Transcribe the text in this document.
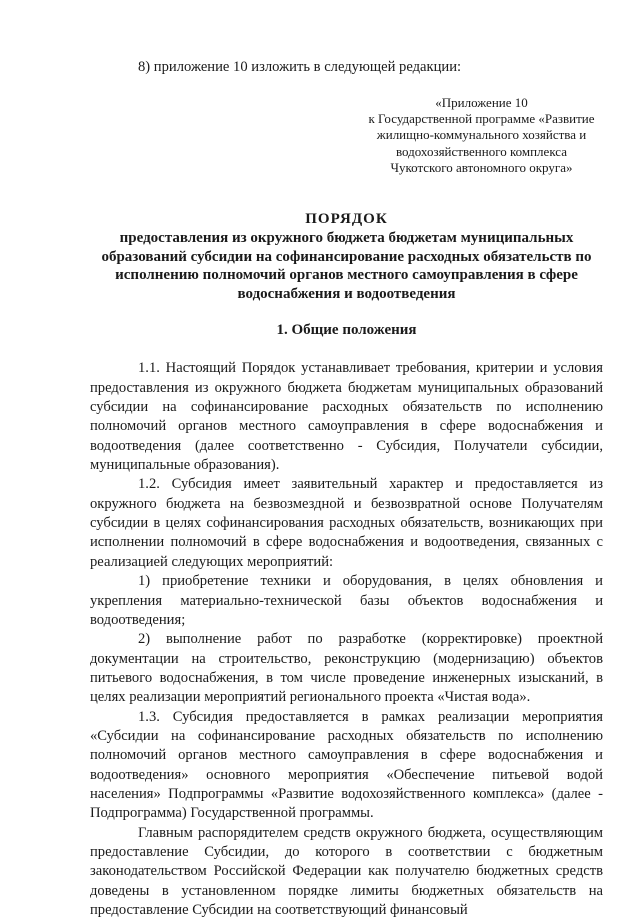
8) приложение 10 изложить в следующей редакции:

«Приложение 10
к Государственной программе «Развитие
жилищно-коммунального хозяйства и
водохозяйственного комплекса
Чукотского автономного округа»
ПОРЯДОК
предоставления из окружного бюджета бюджетам муниципальных
образований субсидии на софинансирование расходных обязательств по
исполнению полномочий органов местного самоуправления в сфере
водоснабжения и водоотведения
1. Общие положения

1.1. Настоящий Порядок устанавливает требования, критерии и условия предоставления из окружного бюджета бюджетам муниципальных образований субсидии на софинансирование расходных обязательств по исполнению полномочий органов местного самоуправления в сфере водоснабжения и водоотведения (далее соответственно - Субсидия, Получатели субсидии, муниципальные образования).

1.2. Субсидия имеет заявительный характер и предоставляется из окружного бюджета на безвозмездной и безвозвратной основе Получателям субсидии в целях софинансирования расходных обязательств, возникающих при исполнении полномочий в сфере водоснабжения и водоотведения, связанных с реализацией следующих мероприятий:

1) приобретение техники и оборудования, в целях обновления и укрепления материально-технической базы объектов водоснабжения и водоотведения;

2) выполнение работ по разработке (корректировке) проектной документации на строительство, реконструкцию (модернизацию) объектов питьевого водоснабжения, в том числе проведение инженерных изысканий, в целях реализации мероприятий регионального проекта «Чистая вода».

1.3. Субсидия предоставляется в рамках реализации мероприятия «Субсидии на софинансирование расходных обязательств по исполнению полномочий органов местного самоуправления в сфере водоснабжения и водоотведения» основного мероприятия «Обеспечение питьевой водой населения» Подпрограммы «Развитие водохозяйственного комплекса» (далее - Подпрограмма) Государственной программы.

Главным распорядителем средств окружного бюджета, осуществляющим предоставление Субсидии, до которого в соответствии с бюджетным законодательством Российской Федерации как получателю бюджетных средств доведены в установленном порядке лимиты бюджетных обязательств на предоставление Субсидии на соответствующий финансовый
